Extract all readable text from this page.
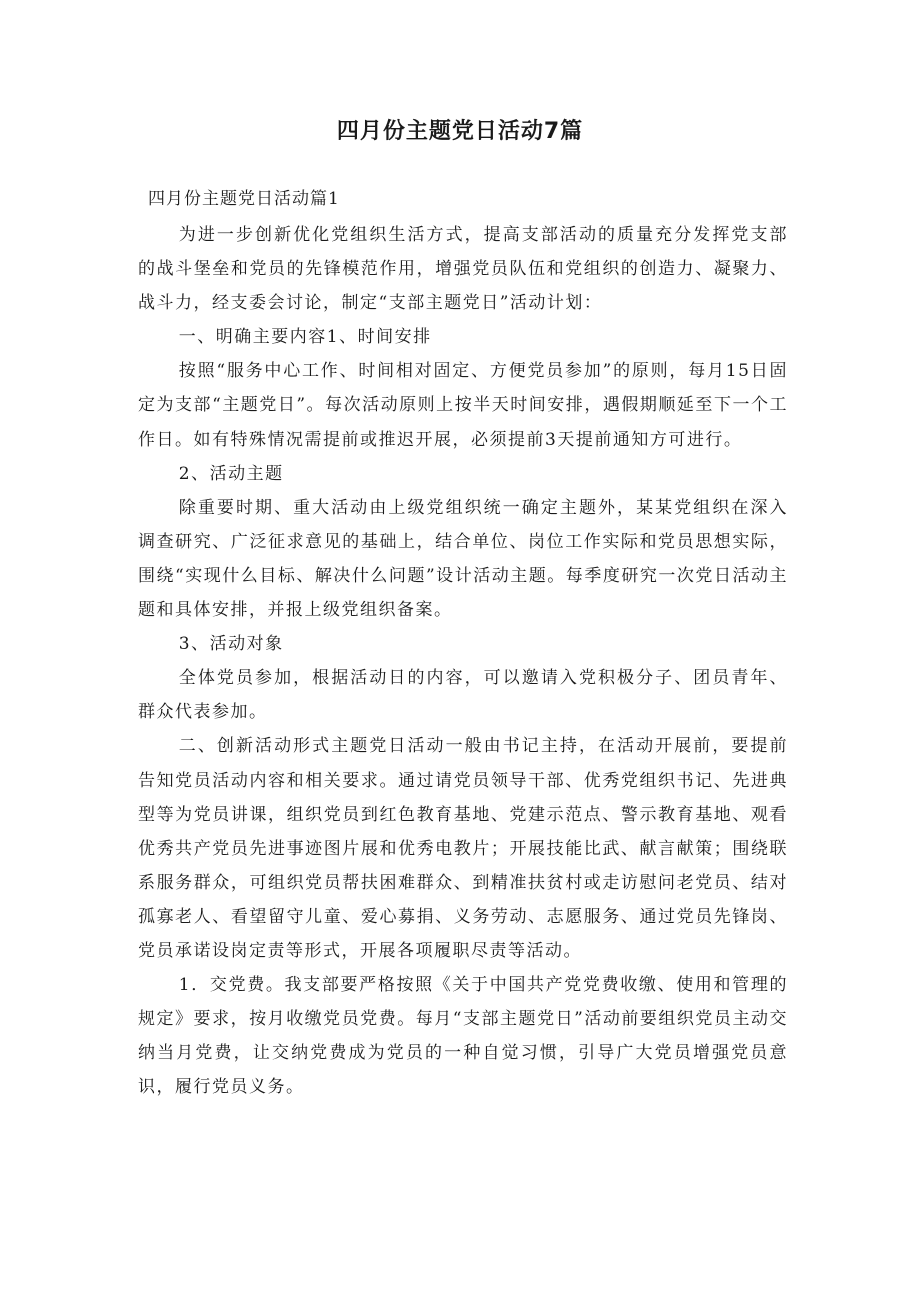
四月份主题党日活动7篇

四月份主题党日活动篇1

为进一步创新优化党组织生活方式，提高支部活动的质量充分发挥党支部的战斗堡垒和党员的先锋模范作用，增强党员队伍和党组织的创造力、凝聚力、战斗力，经支委会讨论，制定“支部主题党日”活动计划：

一、明确主要内容1、时间安排

按照“服务中心工作、时间相对固定、方便党员参加”的原则，每月15日固定为支部“主题党日”。每次活动原则上按半天时间安排，遇假期顺延至下一个工作日。如有特殊情况需提前或推迟开展，必须提前3天提前通知方可进行。

2、活动主题

除重要时期、重大活动由上级党组织统一确定主题外，某某党组织在深入调查研究、广泛征求意见的基础上，结合单位、岗位工作实际和党员思想实际，围绕“实现什么目标、解决什么问题”设计活动主题。每季度研究一次党日活动主题和具体安排，并报上级党组织备案。

3、活动对象

全体党员参加，根据活动日的内容，可以邀请入党积极分子、团员青年、群众代表参加。

二、创新活动形式主题党日活动一般由书记主持，在活动开展前，要提前告知党员活动内容和相关要求。通过请党员领导干部、优秀党组织书记、先进典型等为党员讲课，组织党员到红色教育基地、党建示范点、警示教育基地、观看优秀共产党员先进事迹图片展和优秀电教片；开展技能比武、献言献策；围绕联系服务群众，可组织党员帮扶困难群众、到精准扶贫村或走访慰问老党员、结对孤寡老人、看望留守儿童、爱心募捐、义务劳动、志愿服务、通过党员先锋岗、党员承诺设岗定责等形式，开展各项履职尽责等活动。

1．交党费。我支部要严格按照《关于中国共产党党费收缴、使用和管理的规定》要求，按月收缴党员党费。每月“支部主题党日”活动前要组织党员主动交纳当月党费，让交纳党费成为党员的一种自觉习惯，引导广大党员增强党员意识，履行党员义务。
